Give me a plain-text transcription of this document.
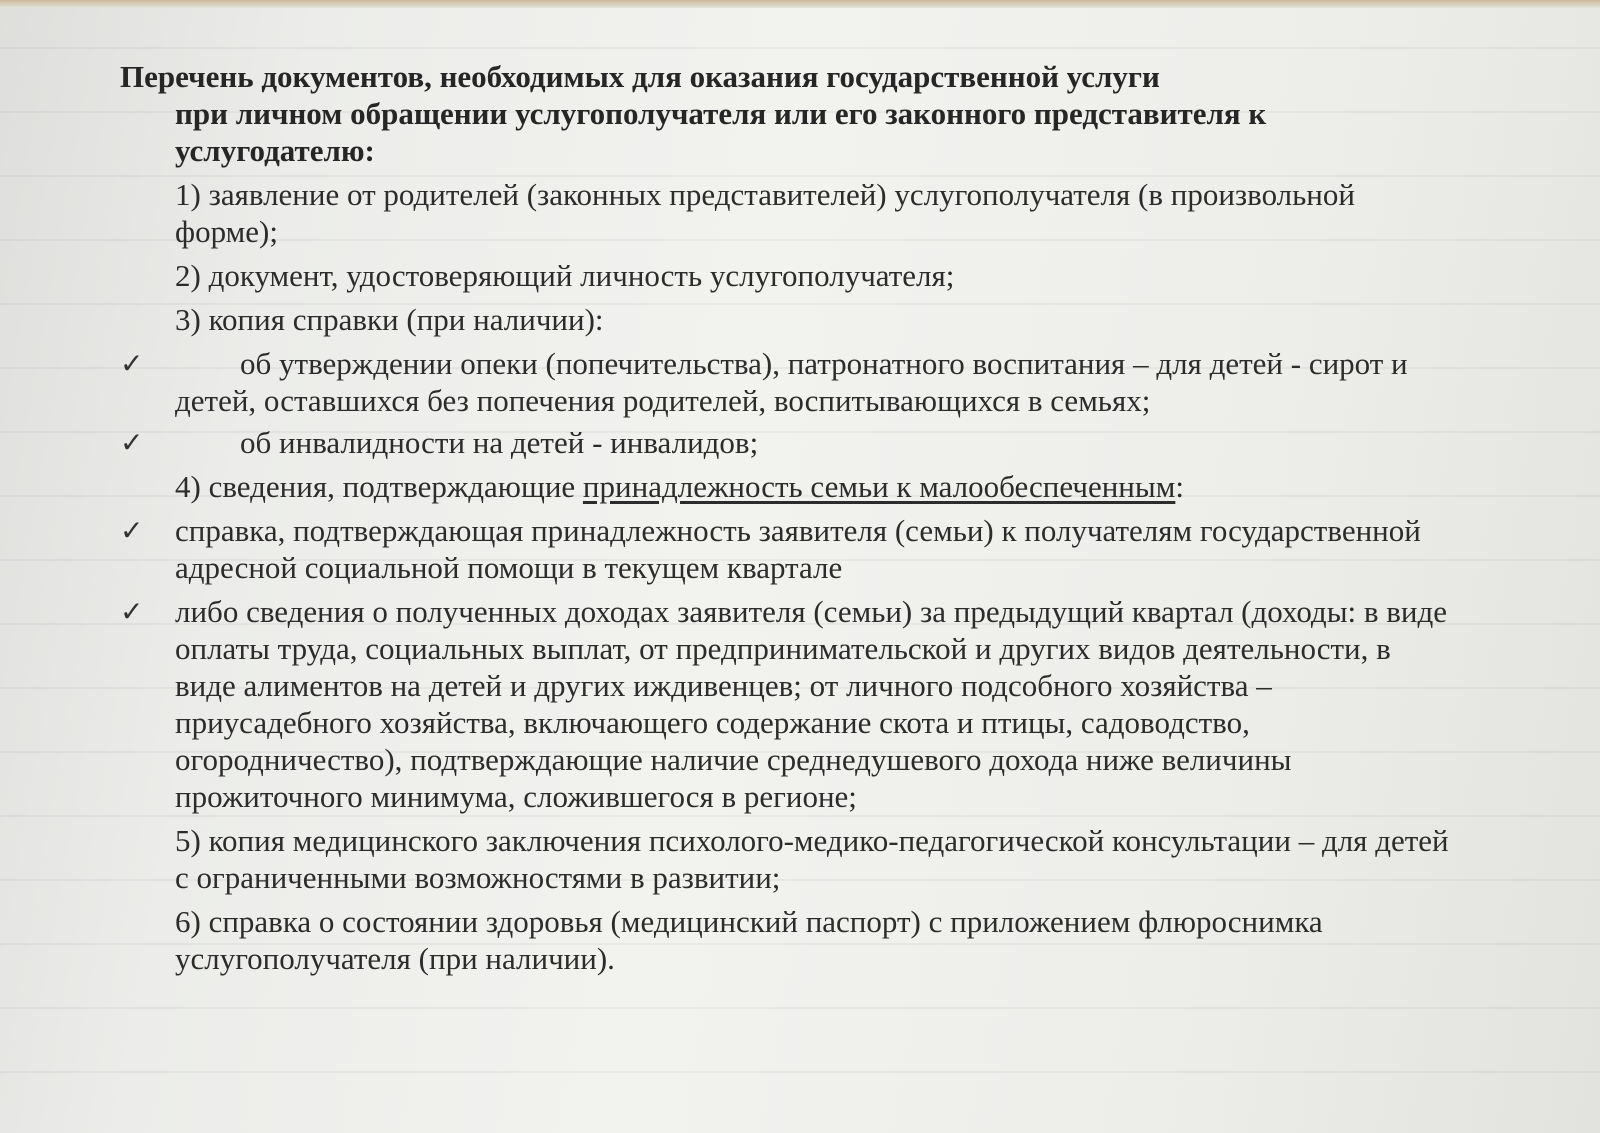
Перечень документов, необходимых для оказания государственной услуги
при личном обращении услугополучателя или его законного представителя к услугодателю:
1) заявление от родителей (законных представителей) услугополучателя (в произвольной форме);
2) документ, удостоверяющий личность услугополучателя;
3) копия справки (при наличии):
✓	об утверждении опеки (попечительства), патронатного воспитания – для детей - сирот и детей, оставшихся без попечения родителей, воспитывающихся в семьях;
✓	об инвалидности на детей - инвалидов;
4) сведения, подтверждающие принадлежность семьи к малообеспеченным:
✓ справка, подтверждающая принадлежность заявителя (семьи) к получателям государственной адресной социальной помощи в текущем квартале
✓ либо сведения о полученных доходах заявителя (семьи) за предыдущий квартал (доходы: в виде оплаты труда, социальных выплат, от предпринимательской и других видов деятельности, в виде алиментов на детей и других иждивенцев; от личного подсобного хозяйства – приусадебного хозяйства, включающего содержание скота и птицы, садоводство, огородничество), подтверждающие наличие среднедушевого дохода ниже величины прожиточного минимума, сложившегося в регионе;
5) копия медицинского заключения психолого-медико-педагогической консультации – для детей с ограниченными возможностями в развитии;
6) справка о состоянии здоровья (медицинский паспорт) с приложением флюроснимка услугополучателя (при наличии).
